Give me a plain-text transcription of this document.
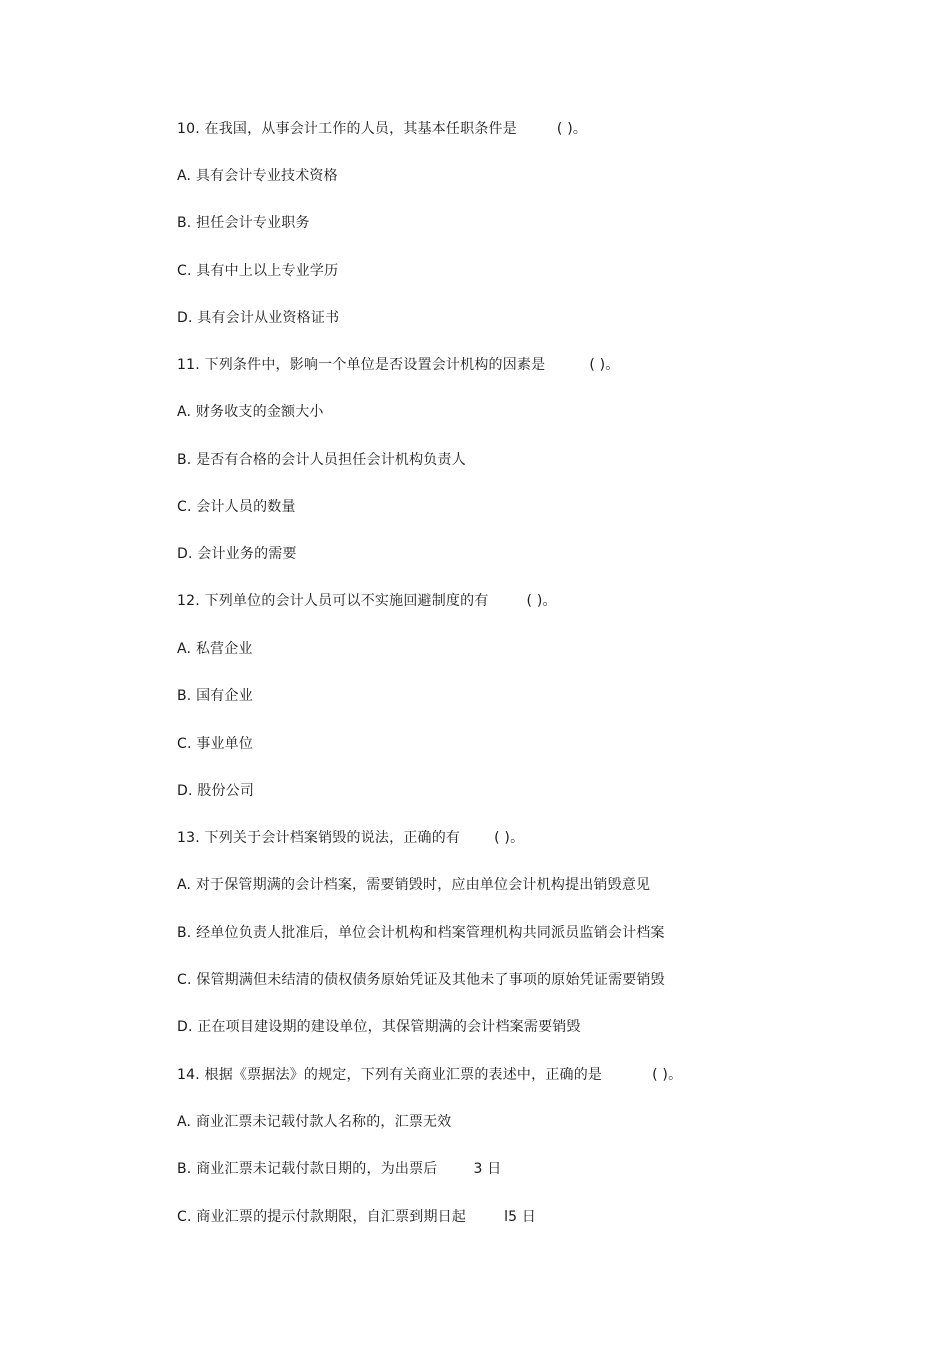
10. 在我国，从事会计工作的人员，其基本任职条件是	( )。
A. 具有会计专业技术资格
B. 担任会计专业职务
C. 具有中上以上专业学历
D. 具有会计从业资格证书
11. 下列条件中，影响一个单位是否设置会计机构的因素是	( )。
A. 财务收支的金额大小
B. 是否有合格的会计人员担任会计机构负责人
C. 会计人员的数量
D. 会计业务的需要
12. 下列单位的会计人员可以不实施回避制度的有	( )。
A. 私营企业
B. 国有企业
C. 事业单位
D. 股份公司
13. 下列关于会计档案销毁的说法，正确的有 ( )。
A. 对于保管期满的会计档案，需要销毁时，应由单位会计机构提出销毁意见
B. 经单位负责人批准后，单位会计机构和档案管理机构共同派员监销会计档案
C. 保管期满但未结清的债权债务原始凭证及其他未了事项的原始凭证需要销毁
D. 正在项目建设期的建设单位，其保管期满的会计档案需要销毁
14. 根据《票据法》的规定，下列有关商业汇票的表述中，正确的是	( )。
A. 商业汇票未记载付款人名称的，汇票无效
B. 商业汇票未记载付款日期的，为出票后	3 日
C. 商业汇票的提示付款期限，自汇票到期日起	l5 日
